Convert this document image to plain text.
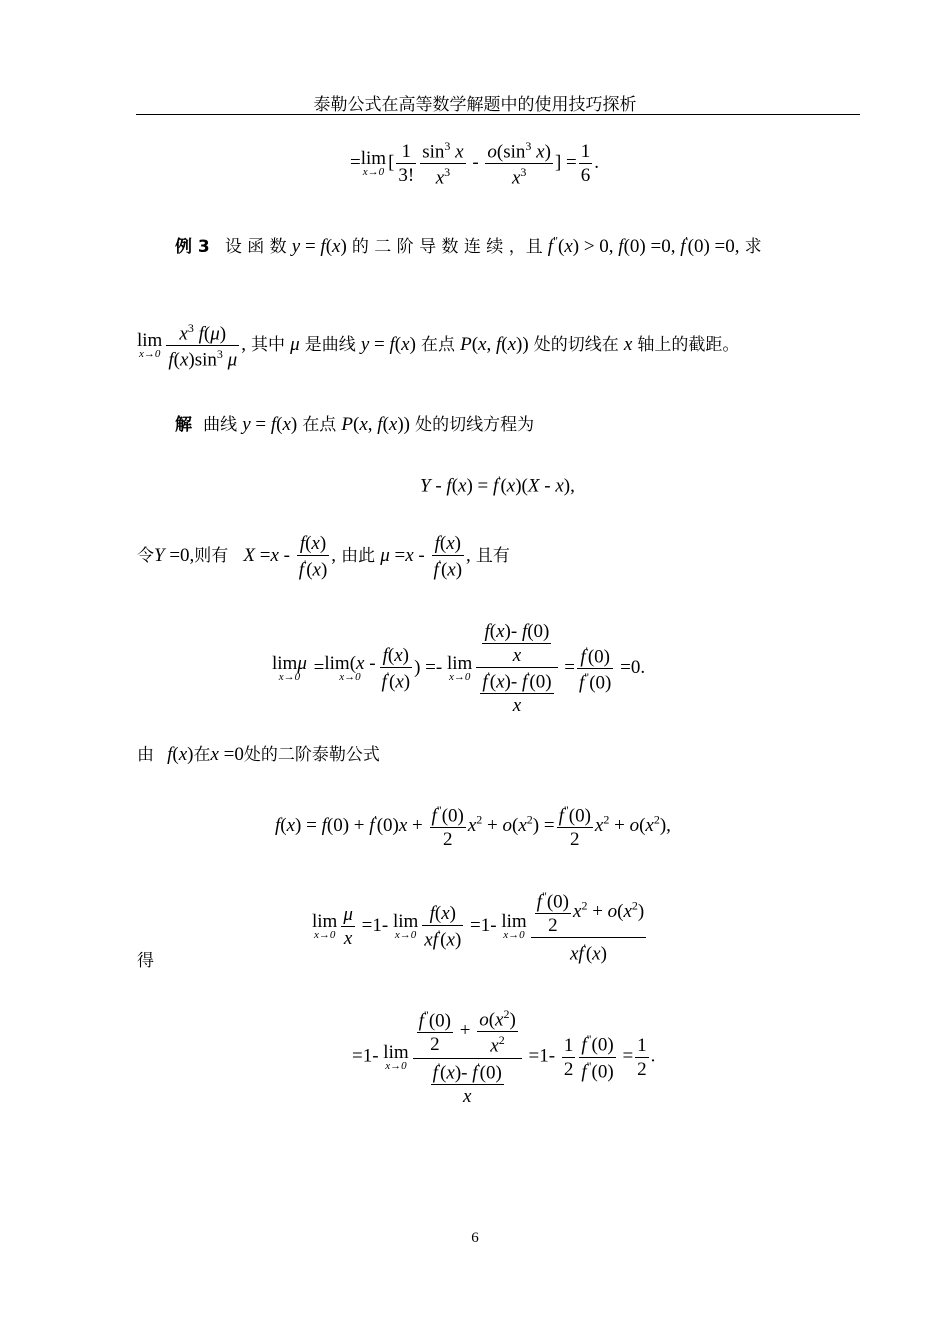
泰勒公式在高等数学解题中的使用技巧探析
= lim
x→0 [ $\frac{1}{3!} \frac{\sin^3 x}{x^3} - \frac{o(\sin^3 x)}{x^3}$ ] = $\frac{1}{6}$ .
例 3 设 函 数 y = f(x) 的 二 阶 导 数 连 续 ，且 f"(x) > 0, f(0) =0, f'(0) =0, 求
lim
$x\to 0 \frac{x^3 f(\mu)}{f(x)\sin^3 \mu}$ , 其中 μ 是曲线 y = f(x) 在点 P(x, f(x)) 处的切线在 x 轴上的截距。
解 曲线 y = f(x) 在点 P(x, f(x)) 处的切线方程为
Y - f(x) = f'(x)(X - x),
令Y =0,则有 $X =x - \frac{f(x)}{f'(x)}$ , 由此 $\mu =x - \frac{f(x)}{f'(x)}$ , 且有
limμ
x→0 = lim(x -
$x\to 0 \frac{f(x)}{f'(x)}$ ) =- lim
$x\to 0 \frac{\frac{f(x)- f(0)}{x}}{\frac{f'(x)- f'(0)}{x}} = \frac{f'(0)}{f^"(0)} =0$.
由 f(x)在x =0处的二阶泰勒公式
$f(x) = f(0) + f'(0)x + \frac{f^"(0)}{2} x^2 + o(x^2) = \frac{f^"(0)}{2} x^2 + o(x^2)$,
得
lim
$x\to 0 \frac{\mu}{x} =1-$ lim
$x\to 0 \frac{f(x)}{xf'(x)} =1-$ lim
$x\to 0 \frac{\frac{f^"(0)}{2} x^2 + o(x^2)}{xf'(x)}$
=1- lim
$x\to 0 \frac{\frac{f^"(0)}{2} + \frac{o(x^2)}{x^2}}{\frac{f'(x)- f'(0)}{x}} =1- \frac{1}{2} \frac{f^"(0)}{f^"(0)} = \frac{1}{2}$ .
6
